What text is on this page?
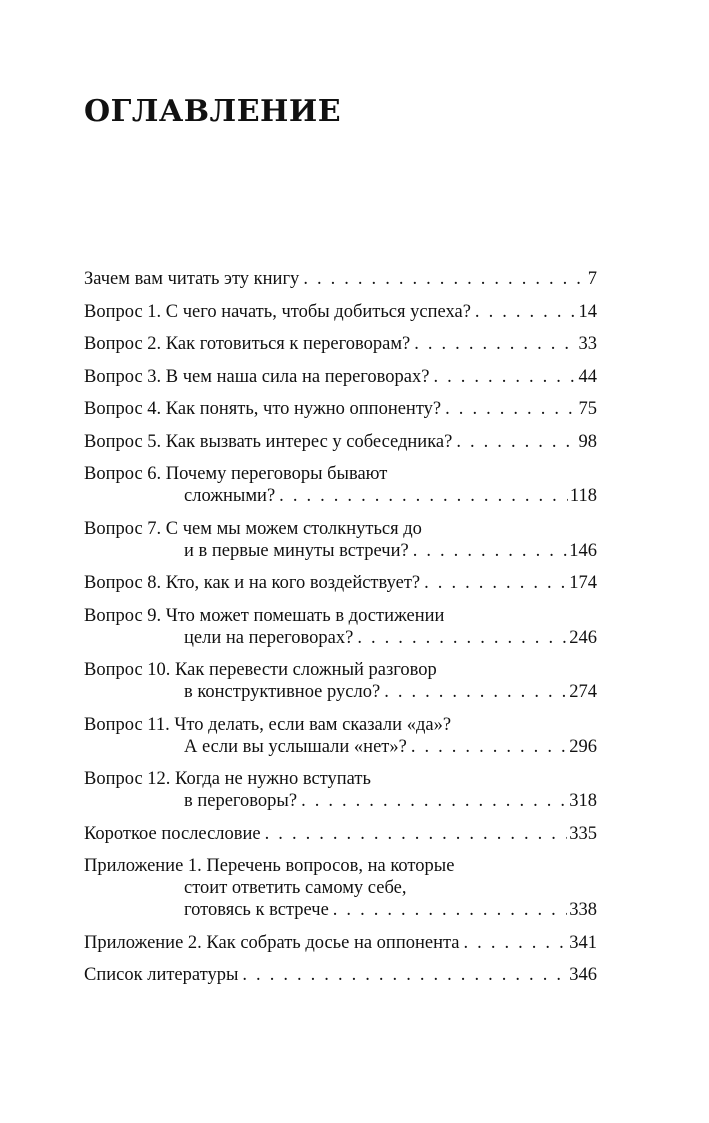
ОГЛАВЛЕНИЕ
Зачем вам читать эту книгу . . .	7
Вопрос 1. С чего начать, чтобы добиться успеха? . . .	14
Вопрос 2. Как готовиться к переговорам? . . .	33
Вопрос 3. В чем наша сила на переговорах? . . .	44
Вопрос 4. Как понять, что нужно оппоненту? . . .	75
Вопрос 5. Как вызвать интерес у собеседника? . . .	98
Вопрос 6. Почему переговоры бывают
сложными? . . .	118
Вопрос 7. С чем мы можем столкнуться до
и в первые минуты встречи? . . .	146
Вопрос 8. Кто, как и на кого воздействует? . . .	174
Вопрос 9. Что может помешать в достижении
цели на переговорах? . . .	246
Вопрос 10. Как перевести сложный разговор
в конструктивное русло? . . .	274
Вопрос 11. Что делать, если вам сказали «да»?
А если вы услышали «нет»? . . .	296
Вопрос 12. Когда не нужно вступать
в переговоры? . . .	318
Короткое послесловие . . .	335
Приложение 1. Перечень вопросов, на которые
стоит ответить самому себе,
готовясь к встрече . . .	338
Приложение 2. Как собрать досье на оппонента . . .	341
Список литературы . . .	346
